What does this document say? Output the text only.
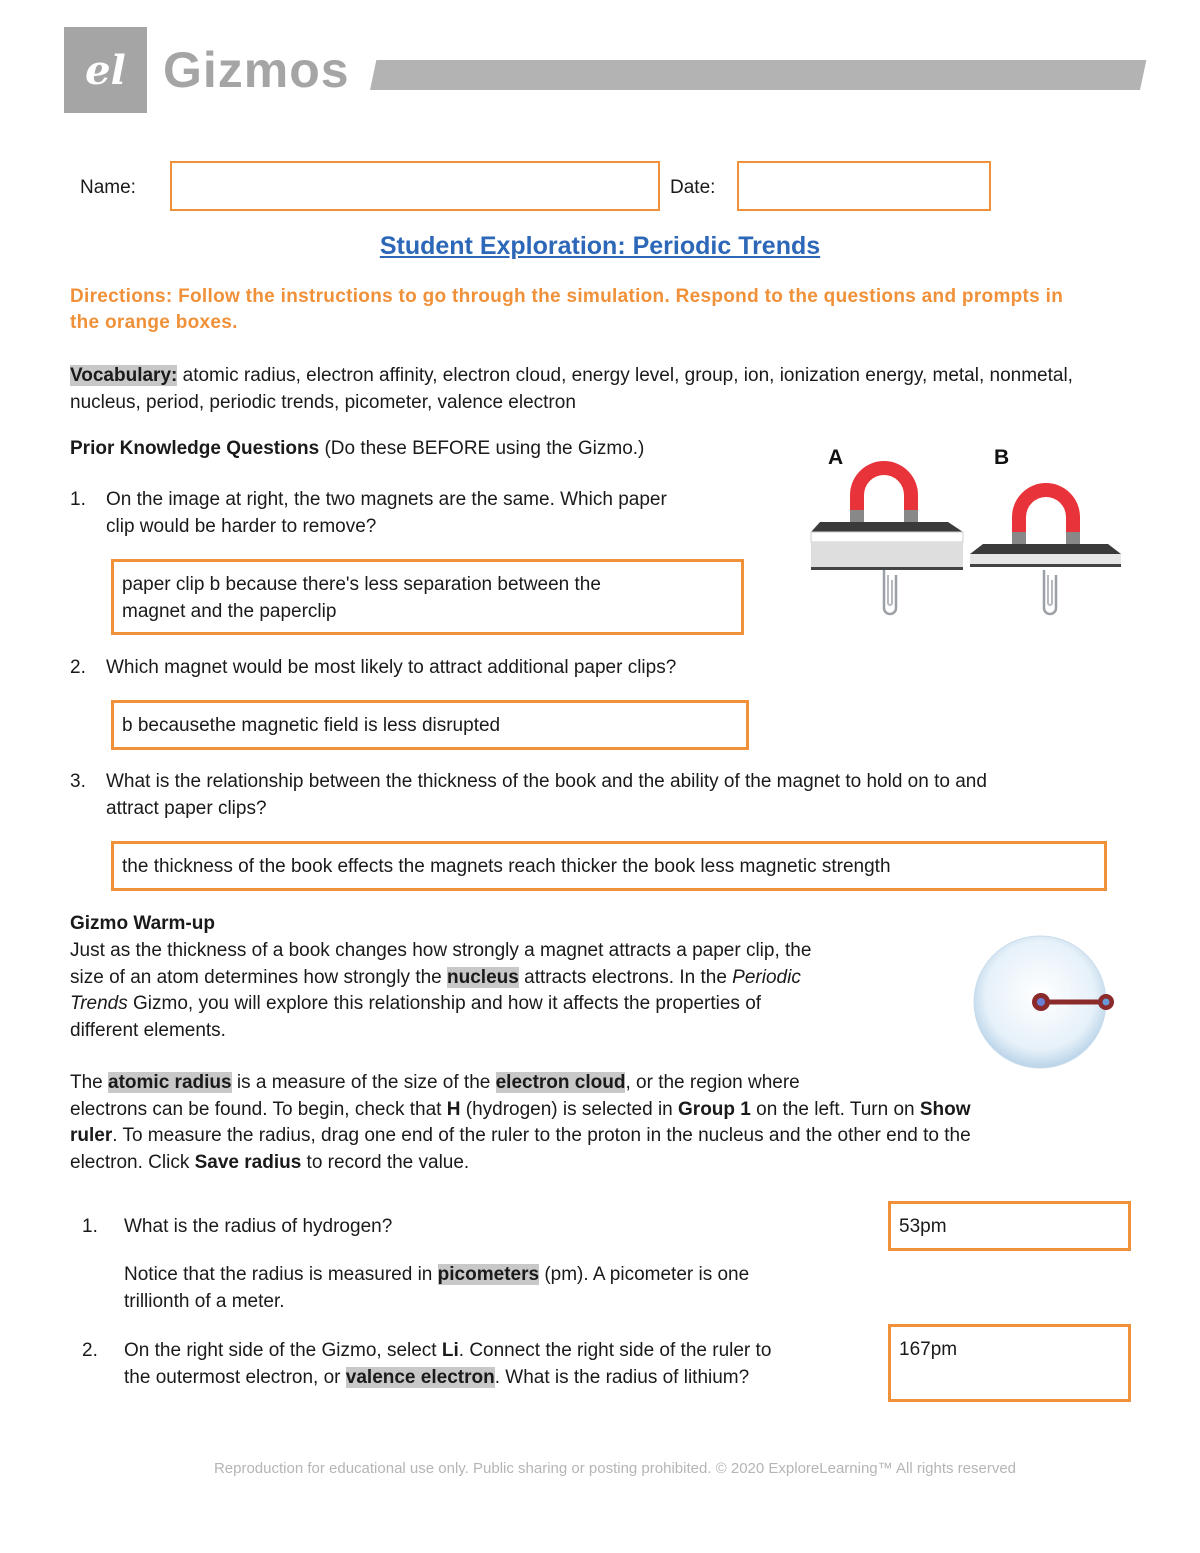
el Gizmos
Name:	Date:
Student Exploration: Periodic Trends
Directions: Follow the instructions to go through the simulation. Respond to the questions and prompts in the orange boxes.
Vocabulary: atomic radius, electron affinity, electron cloud, energy level, group, ion, ionization energy, metal, nonmetal, nucleus, period, periodic trends, picometer, valence electron
Prior Knowledge Questions (Do these BEFORE using the Gizmo.)	A	B
1. On the image at right, the two magnets are the same. Which paper
clip would be harder to remove?
paper clip b because there's less separation between the
magnet and the paperclip
2. Which magnet would be most likely to attract additional paper clips?
b becausethe magnetic field is less disrupted
3. What is the relationship between the thickness of the book and the ability of the magnet to hold on to and
attract paper clips?
the thickness of the book effects the magnets reach thicker the book less magnetic strength
Gizmo Warm-up
Just as the thickness of a book changes how strongly a magnet attracts a paper clip, the
size of an atom determines how strongly the nucleus attracts electrons. In the Periodic
Trends Gizmo, you will explore this relationship and how it affects the properties of
different elements.
The atomic radius is a measure of the size of the electron cloud, or the region where
electrons can be found. To begin, check that H (hydrogen) is selected in Group 1 on the left. Turn on Show
ruler. To measure the radius, drag one end of the ruler to the proton in the nucleus and the other end to the
electron. Click Save radius to record the value.
1. What is the radius of hydrogen?	53pm
Notice that the radius is measured in picometers (pm). A picometer is one
trillionth of a meter.
2. On the right side of the Gizmo, select Li. Connect the right side of the ruler to
the outermost electron, or valence electron. What is the radius of lithium?
167pm
Reproduction for educational use only. Public sharing or posting prohibited. © 2020 ExploreLearning™ All rights reserved
